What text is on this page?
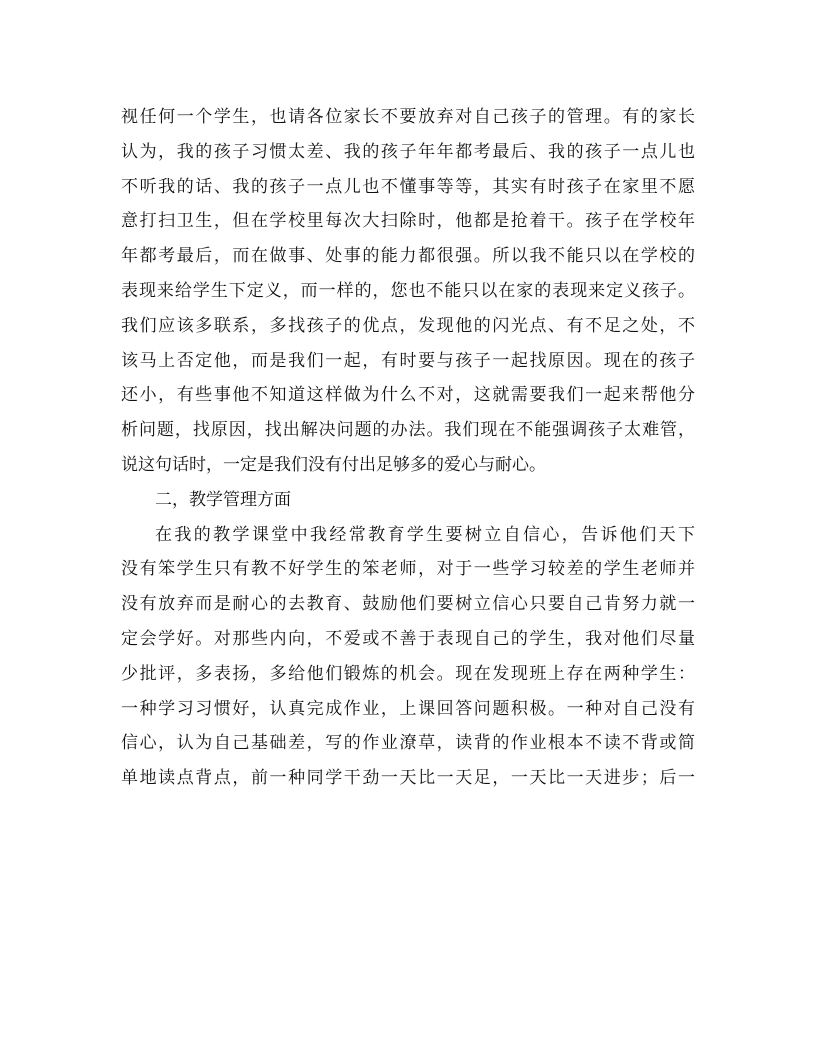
视任何一个学生，也请各位家长不要放弃对自己孩子的管理。有的家长
认为，我的孩子习惯太差、我的孩子年年都考最后、我的孩子一点儿也
不听我的话、我的孩子一点儿也不懂事等等，其实有时孩子在家里不愿
意打扫卫生，但在学校里每次大扫除时，他都是抢着干。孩子在学校年
年都考最后，而在做事、处事的能力都很强。所以我不能只以在学校的
表现来给学生下定义，而一样的，您也不能只以在家的表现来定义孩子。
我们应该多联系，多找孩子的优点，发现他的闪光点、有不足之处，不
该马上否定他，而是我们一起，有时要与孩子一起找原因。现在的孩子
还小，有些事他不知道这样做为什么不对，这就需要我们一起来帮他分
析问题，找原因，找出解决问题的办法。我们现在不能强调孩子太难管，
说这句话时，一定是我们没有付出足够多的爱心与耐心。
二，教学管理方面
在我的教学课堂中我经常教育学生要树立自信心，告诉他们天下
没有笨学生只有教不好学生的笨老师，对于一些学习较差的学生老师并
没有放弃而是耐心的去教育、鼓励他们要树立信心只要自己肯努力就一
定会学好。对那些内向，不爱或不善于表现自己的学生，我对他们尽量
少批评，多表扬，多给他们锻炼的机会。现在发现班上存在两种学生：
一种学习习惯好，认真完成作业，上课回答问题积极。一种对自己没有
信心，认为自己基础差，写的作业潦草，读背的作业根本不读不背或简
单地读点背点，前一种同学干劲一天比一天足，一天比一天进步；后一
